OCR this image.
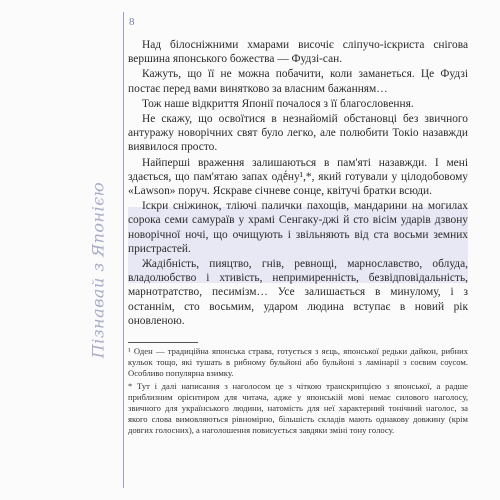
8
Пізнавай з Японією

Над білосніжними хмарами височіє сліпучо-іскриста снігова вершина японського божества — Фудзі-сан.

Кажуть, що її не можна побачити, коли заманеться. Це Фудзі постає перед вами винятково за власним бажанням…

Тож наше відкриття Японії почалося з її благословення.

Не скажу, що освоїтися в незнайомій обстановці без звичного антуражу новорічних свят було легко, але полюбити Токіо назавжди виявилося просто.

Найперші враження залишаються в пам'яті назавжди. І мені здається, що пам'ятаю запах одḗну¹,*, який готували у цілодобовому «Lawson» поруч. Яскраве січневе сонце, квітучі братки всюди.

Іскри сніжинок, тліючі палички пахощів, мандарини на могилах сорока семи самураїв у храмі Сенгаку-джі й сто вісім ударів дзвону новорічної ночі, що очищують і звільняють від ста восьми земних пристрастей.

Жадібність, пияцтво, гнів, ревнощі, марнославство, облуда, владолюбство і хтивість, непримиренність, безвідповідальність, марнотратство, песимізм… Усе залишається в минулому, і з останнім, сто восьмим, ударом людина вступає в новий рік оновленою.

¹ Оден — традиційна японська страва, готується з яєць, японської редьки дайкон, рибних кульок тощо, які тушать в рибному бульйоні або бульйоні з ламінарії з соєвим соусом. Особливо популярна взимку.

* Тут і далі написання з наголосом це з чіткою транскрипцією з японської, а радше приблизним орієнтиром для читача, адже у японській мові немає силового наголосу, звичного для українського людини, натомість для неї характерний тонічний наголос, за якого слова вимовляються рівномірно, більшість складів мають однакову довжину (крім довгих голосних), а наголошення повисується завдяки зміні тону голосу.
